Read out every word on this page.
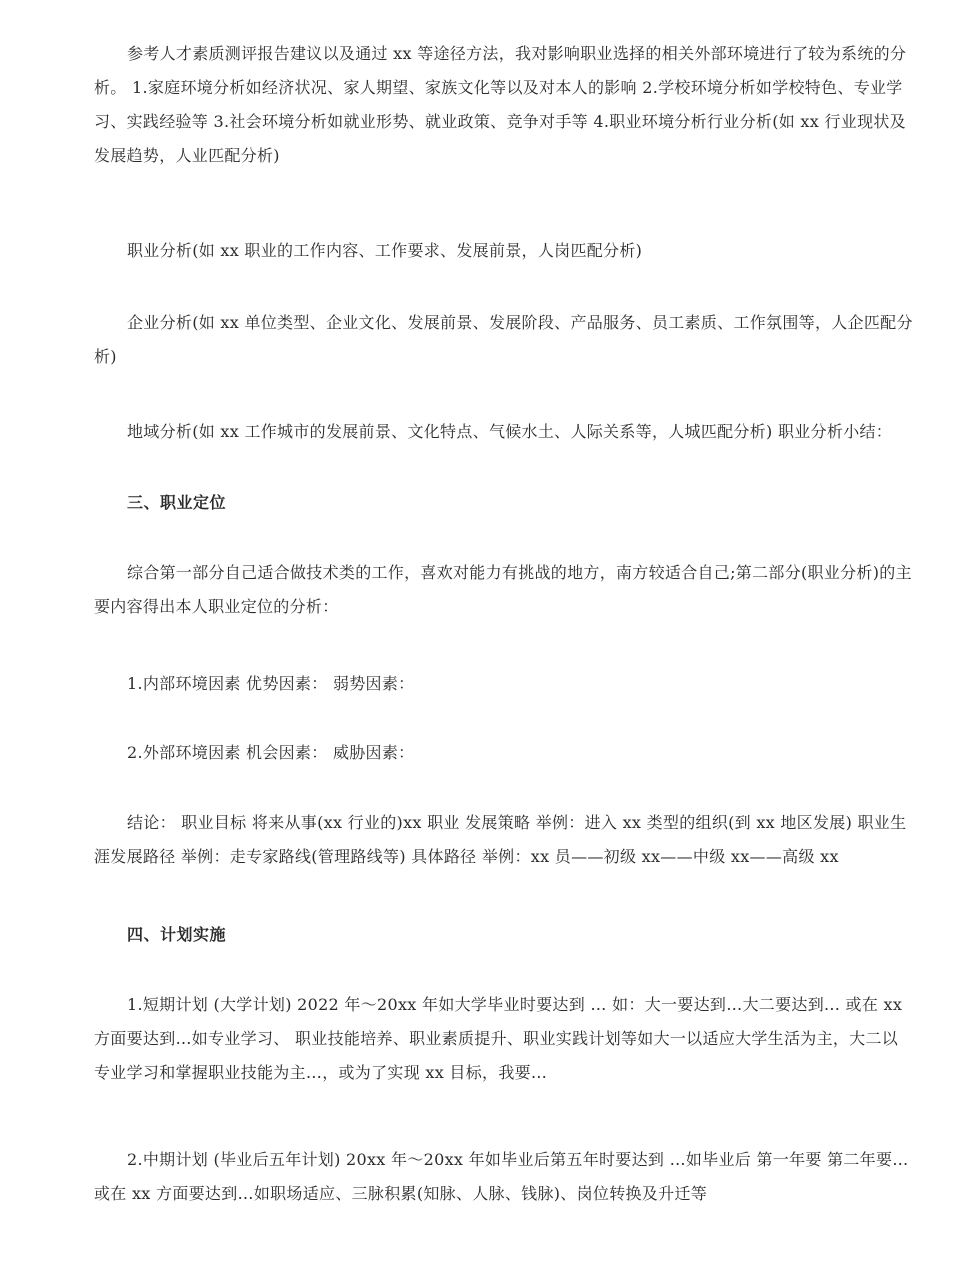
参考人才素质测评报告建议以及通过 xx 等途径方法，我对影响职业选择的相关外部环境进行了较为系统的分析。 1.家庭环境分析如经济状况、家人期望、家族文化等以及对本人的影响 2.学校环境分析如学校特色、专业学习、实践经验等 3.社会环境分析如就业形势、就业政策、竞争对手等 4.职业环境分析行业分析(如 xx 行业现状及发展趋势，人业匹配分析)

职业分析(如 xx 职业的工作内容、工作要求、发展前景，人岗匹配分析)

企业分析(如 xx 单位类型、企业文化、发展前景、发展阶段、产品服务、员工素质、工作氛围等，人企匹配分析)

地域分析(如 xx 工作城市的发展前景、文化特点、气候水土、人际关系等，人城匹配分析) 职业分析小结：

三、职业定位

综合第一部分自己适合做技术类的工作，喜欢对能力有挑战的地方，南方较适合自己;第二部分(职业分析)的主要内容得出本人职业定位的分析：

1.内部环境因素 优势因素： 弱势因素：

2.外部环境因素 机会因素： 威胁因素：

结论： 职业目标 将来从事(xx 行业的)xx 职业 发展策略 举例：进入 xx 类型的组织(到 xx 地区发展) 职业生涯发展路径 举例：走专家路线(管理路线等) 具体路径 举例：xx 员——初级 xx——中级 xx——高级 xx

四、计划实施

1.短期计划 (大学计划) 2022 年～20xx 年如大学毕业时要达到 … 如：大一要达到…大二要达到... 或在 xx 方面要达到…如专业学习、 职业技能培养、职业素质提升、职业实践计划等如大一以适应大学生活为主，大二以专业学习和掌握职业技能为主…，或为了实现 xx 目标，我要…

2.中期计划 (毕业后五年计划) 20xx 年～20xx 年如毕业后第五年时要达到 …如毕业后 第一年要 第二年要…或在 xx 方面要达到…如职场适应、三脉积累(知脉、人脉、钱脉)、岗位转换及升迁等
